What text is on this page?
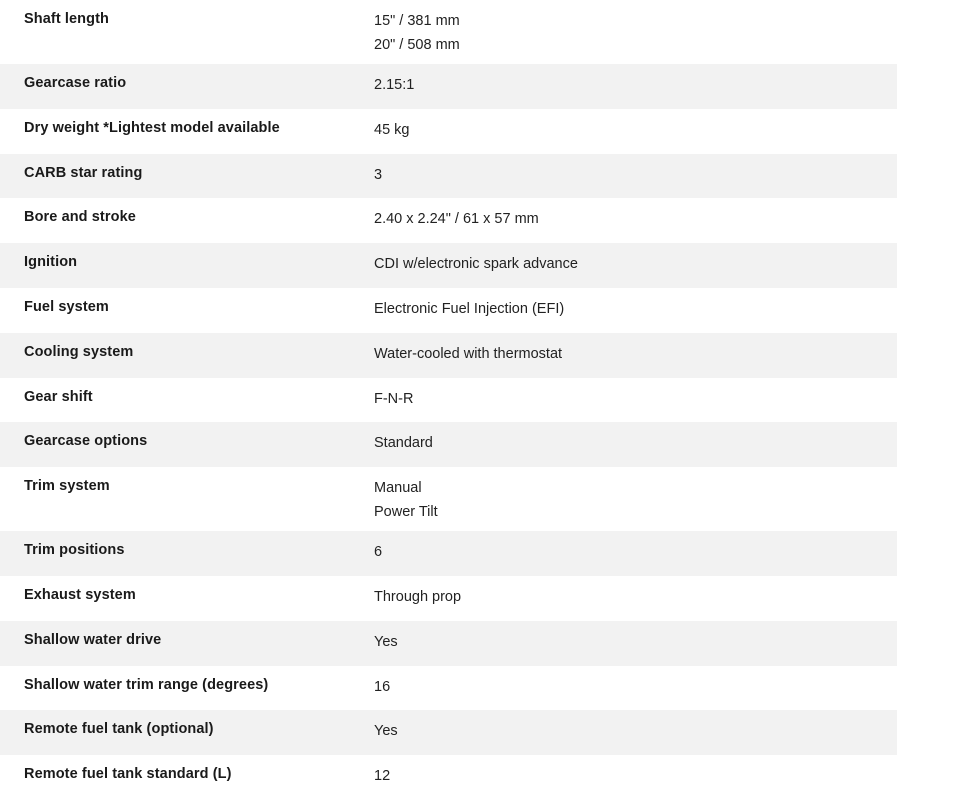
Shaft length	15" / 381 mm
20" / 508 mm
Gearcase ratio	2.15:1
Dry weight *Lightest model available	45 kg
CARB star rating	3
Bore and stroke	2.40 x 2.24" / 61 x 57 mm
Ignition	CDI w/electronic spark advance
Fuel system	Electronic Fuel Injection (EFI)
Cooling system	Water-cooled with thermostat
Gear shift	F-N-R
Gearcase options	Standard
Trim system	Manual
Power Tilt
Trim positions	6
Exhaust system	Through prop
Shallow water drive	Yes
Shallow water trim range (degrees)	16
Remote fuel tank (optional)	Yes
Remote fuel tank standard (L)	12
